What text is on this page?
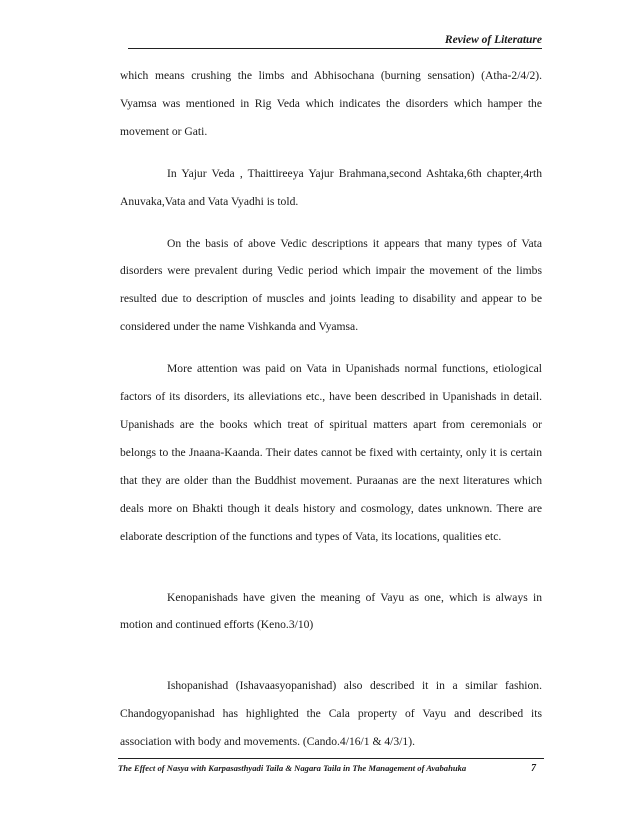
Review of Literature

which means crushing the limbs and Abhisochana (burning sensation) (Atha-2/4/2). Vyamsa was mentioned in Rig Veda which indicates the disorders which hamper the movement or Gati.

In Yajur Veda , Thaittireeya Yajur Brahmana,second Ashtaka,6th chapter,4rth Anuvaka,Vata and Vata Vyadhi is told.

On the basis of above Vedic descriptions it appears that many types of Vata disorders were prevalent during Vedic period which impair the movement of the limbs resulted due to description of muscles and joints leading to disability and appear to be considered under the name Vishkanda and Vyamsa.

More attention was paid on Vata in Upanishads normal functions, etiological factors of its disorders, its alleviations etc., have been described in Upanishads in detail. Upanishads are the books which treat of spiritual matters apart from ceremonials or belongs to the Jnaana-Kaanda. Their dates cannot be fixed with certainty, only it is certain that they are older than the Buddhist movement. Puraanas are the next literatures which deals more on Bhakti though it deals history and cosmology, dates unknown. There are elaborate description of the functions and types of Vata, its locations, qualities etc.

Kenopanishads have given the meaning of Vayu as one, which is always in motion and continued efforts (Keno.3/10)

Ishopanishad (Ishavaasyopanishad) also described it in a similar fashion. Chandogyopanishad has highlighted the Cala property of Vayu and described its association with body and movements. (Cando.4/16/1 & 4/3/1).

The Effect of Nasya with Karpasasthyadi Taila & Nagara Taila in The Management of Avabahuka	7
